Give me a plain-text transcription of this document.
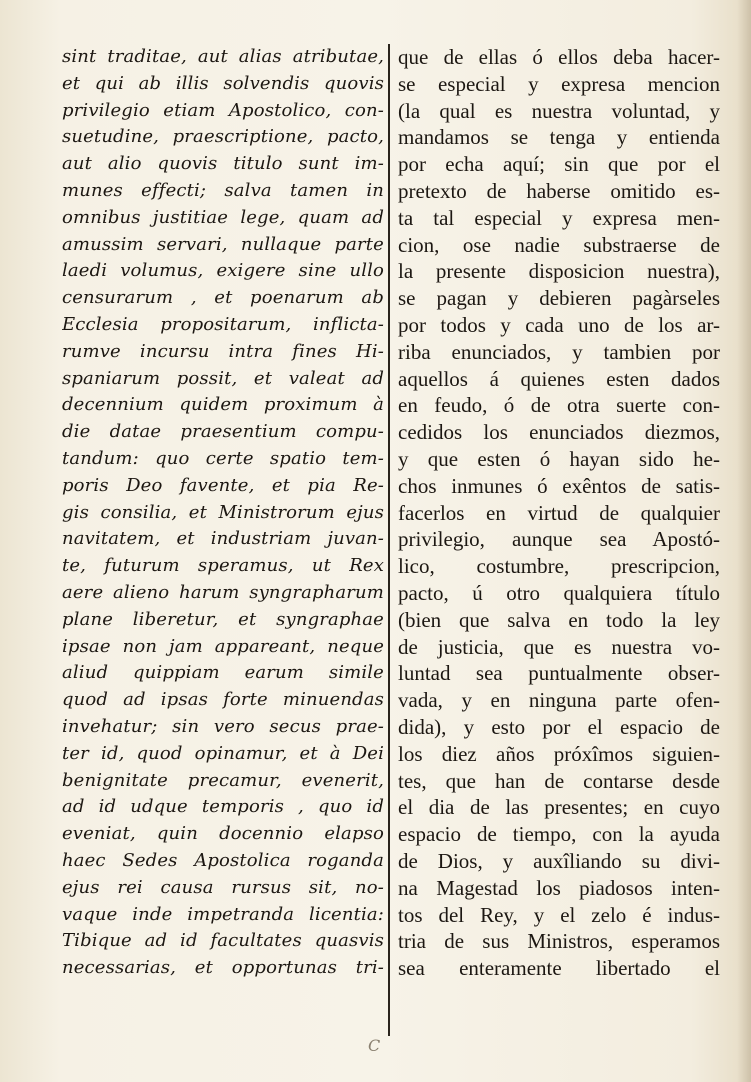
sint traditae, aut alias atributae,
et qui ab illis solvendis quovis
privilegio etiam Apostolico, con-
suetudine, praescriptione, pacto,
aut alio quovis titulo sunt im-
munes effecti; salva tamen in
omnibus justitiae lege, quam ad
amussim servari, nullaque parte
laedi volumus, exigere sine ullo
censurarum , et poenarum ab
Ecclesia propositarum, inflicta-
rumve incursu intra fines Hi-
spaniarum possit, et valeat ad
decennium quidem proximum à
die datae praesentium compu-
tandum: quo certe spatio tem-
poris Deo favente, et pia Re-
gis consilia, et Ministrorum ejus
navitatem, et industriam juvan-
te, futurum speramus, ut Rex
aere alieno harum syngrapharum
plane liberetur, et syngraphae
ipsae non jam appareant, neque
aliud quippiam earum simile
quod ad ipsas forte minuendas
invehatur; sin vero secus prae-
ter id, quod opinamur, et à Dei
benignitate precamur, evenerit,
ad id udque temporis , quo id
eveniat, quin docennio elapso
haec Sedes Apostolica roganda
ejus rei causa rursus sit, no-
vaque inde impetranda licentia:
Tibique ad id facultates quasvis
necessarias, et opportunas tri-
que de ellas ó ellos deba hacer-
se especial y expresa mencion
(la qual es nuestra voluntad, y
mandamos se tenga y entienda
por echa aquí; sin que por el
pretexto de haberse omitido es-
ta tal especial y expresa men-
cion, ose nadie substraerse de
la presente disposicion nuestra),
se pagan y debieren pagàrseles
por todos y cada uno de los ar-
riba enunciados, y tambien por
aquellos á quienes esten dados
en feudo, ó de otra suerte con-
cedidos los enunciados diezmos,
y que esten ó hayan sido he-
chos inmunes ó exêntos de satis-
facerlos en virtud de qualquier
privilegio, aunque sea Apostó-
lico, costumbre, prescripcion,
pacto, ú otro qualquiera título
(bien que salva en todo la ley
de justicia, que es nuestra vo-
luntad sea puntualmente obser-
vada, y en ninguna parte ofen-
dida), y esto por el espacio de
los diez años próxîmos siguien-
tes, que han de contarse desde
el dia de las presentes; en cuyo
espacio de tiempo, con la ayuda
de Dios, y auxîliando su divi-
na Magestad los piadosos inten-
tos del Rey, y el zelo é indus-
tria de sus Ministros, esperamos
sea enteramente libertado el
C
